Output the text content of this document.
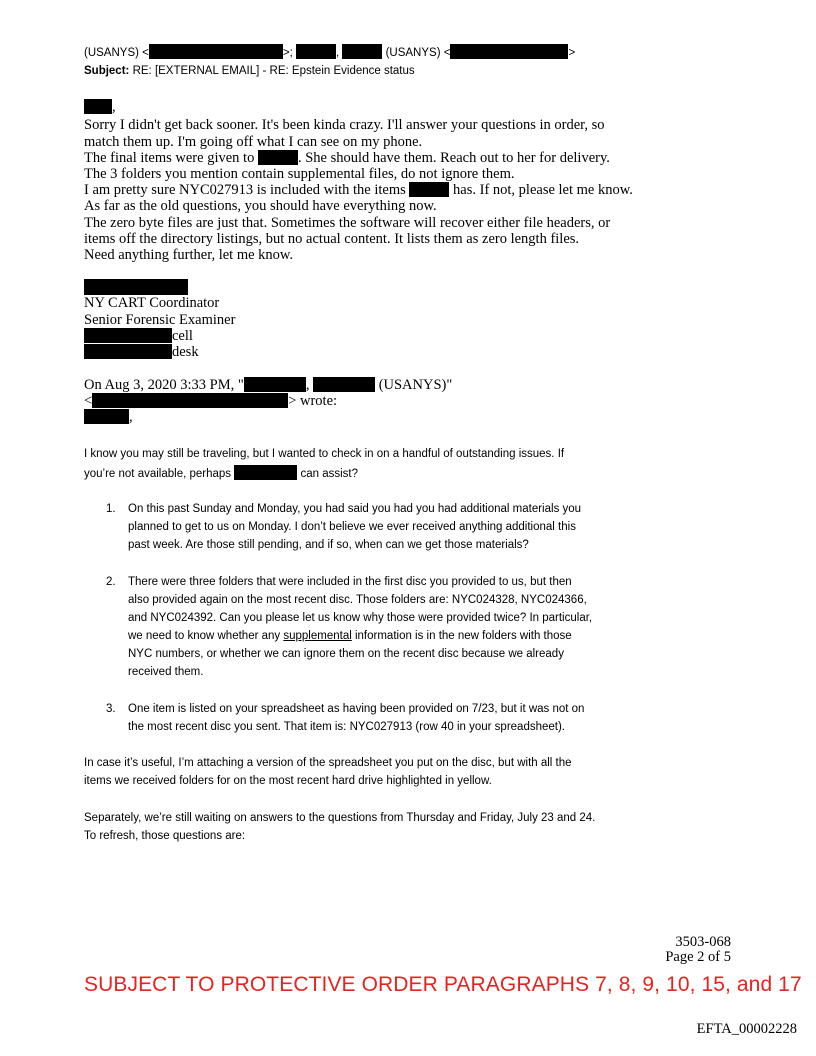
(USANYS) <	>;	,	(USANYS) <	>
Subject: RE: [EXTERNAL EMAIL] - RE: Epstein Evidence status
,
Sorry I didn't get back sooner. It's been kinda crazy. I'll answer your questions in order, so
match them up. I'm going off what I can see on my phone.
The final items were given to	. She should have them. Reach out to her for delivery.
The 3 folders you mention contain supplemental files, do not ignore them.
I am pretty sure NYC027913 is included with the items	has. If not, please let me know.
As far as the old questions, you should have everything now.
The zero byte files are just that. Sometimes the software will recover either file headers, or
items off the directory listings, but no actual content. It lists them as zero length files.
Need anything further, let me know.
NY CART Coordinator
Senior Forensic Examiner
cell
desk
On Aug 3, 2020 3:33 PM, "	,	(USANYS)"
<	> wrote:
,
I know you may still be traveling, but I wanted to check in on a handful of outstanding issues. If
you’re not available, perhaps	can assist?
1. On this past Sunday and Monday, you had said you had you had additional materials you
planned to get to us on Monday. I don’t believe we ever received anything additional this
past week. Are those still pending, and if so, when can we get those materials?
2. There were three folders that were included in the first disc you provided to us, but then
also provided again on the most recent disc. Those folders are: NYC024328, NYC024366,
and NYC024392. Can you please let us know why those were provided twice? In particular,
we need to know whether any supplemental information is in the new folders with those
NYC numbers, or whether we can ignore them on the recent disc because we already
received them.
3. One item is listed on your spreadsheet as having been provided on 7/23, but it was not on
the most recent disc you sent. That item is: NYC027913 (row 40 in your spreadsheet).
In case it’s useful, I’m attaching a version of the spreadsheet you put on the disc, but with all the
items we received folders for on the most recent hard drive highlighted in yellow.
Separately, we’re still waiting on answers to the questions from Thursday and Friday, July 23 and 24.
To refresh, those questions are:
3503-068
Page 2 of 5
SUBJECT TO PROTECTIVE ORDER PARAGRAPHS 7, 8, 9, 10, 15, and 17
EFTA_00002228
